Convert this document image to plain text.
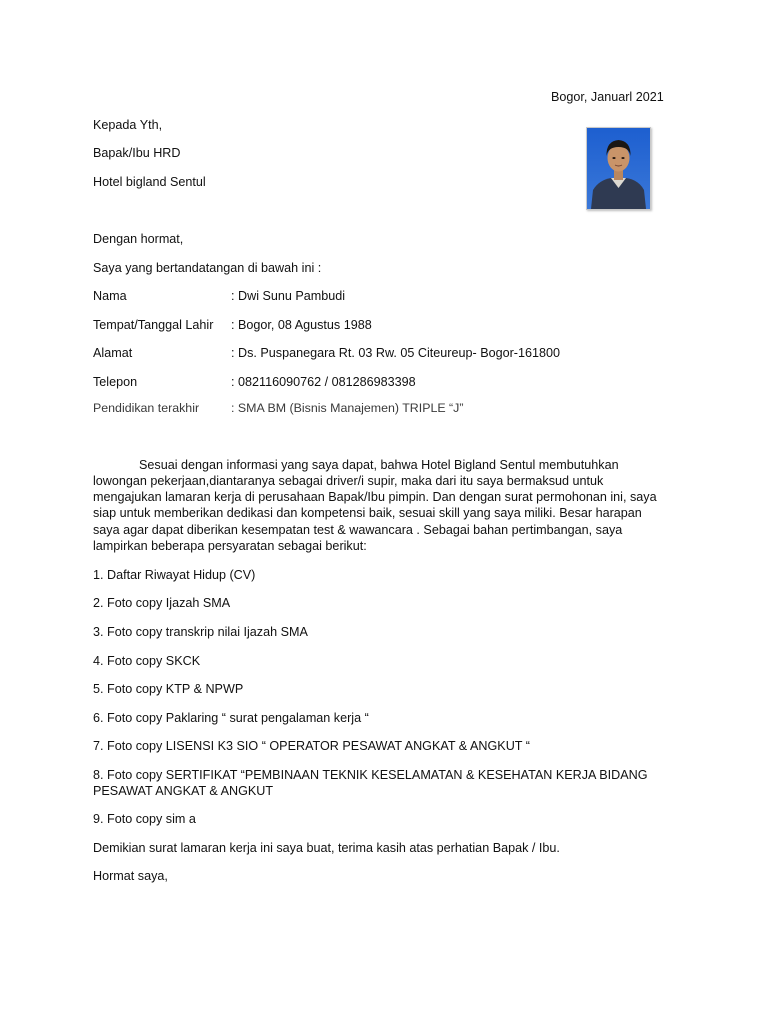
Bogor, Januarl 2021
Kepada Yth,
Bapak/Ibu HRD
Hotel bigland Sentul
Dengan hormat,
Saya yang bertandatangan di bawah ini :
Nama	: Dwi Sunu Pambudi
Tempat/Tanggal Lahir : Bogor, 08 Agustus 1988
Alamat	: Ds. Puspanegara Rt. 03 Rw. 05 Citeureup- Bogor-161800
Telepon	: 082116090762 / 081286983398
Pendidikan terakhir	: SMA BM (Bisnis Manajemen) TRIPLE “J”
Sesuai dengan informasi yang saya dapat, bahwa Hotel Bigland Sentul membutuhkan
lowongan pekerjaan,diantaranya sebagai driver/i supir, maka dari itu saya bermaksud untuk
mengajukan lamaran kerja di perusahaan Bapak/Ibu pimpin. Dan dengan surat permohonan ini, saya
siap untuk memberikan dedikasi dan kompetensi baik, sesuai skill yang saya miliki. Besar harapan
saya agar dapat diberikan kesempatan test & wawancara . Sebagai bahan pertimbangan, saya
lampirkan beberapa persyaratan sebagai berikut:
1. Daftar Riwayat Hidup (CV)
2. Foto copy Ijazah SMA
3. Foto copy transkrip nilai Ijazah SMA
4. Foto copy SKCK
5. Foto copy KTP & NPWP
6. Foto copy Paklaring “ surat pengalaman kerja “
7. Foto copy LISENSI K3 SIO “ OPERATOR PESAWAT ANGKAT & ANGKUT “
8. Foto copy SERTIFIKAT “PEMBINAAN TEKNIK KESELAMATAN & KESEHATAN KERJA BIDANG
PESAWAT ANGKAT & ANGKUT
9. Foto copy sim a
Demikian surat lamaran kerja ini saya buat, terima kasih atas perhatian Bapak / Ibu.
Hormat saya,
